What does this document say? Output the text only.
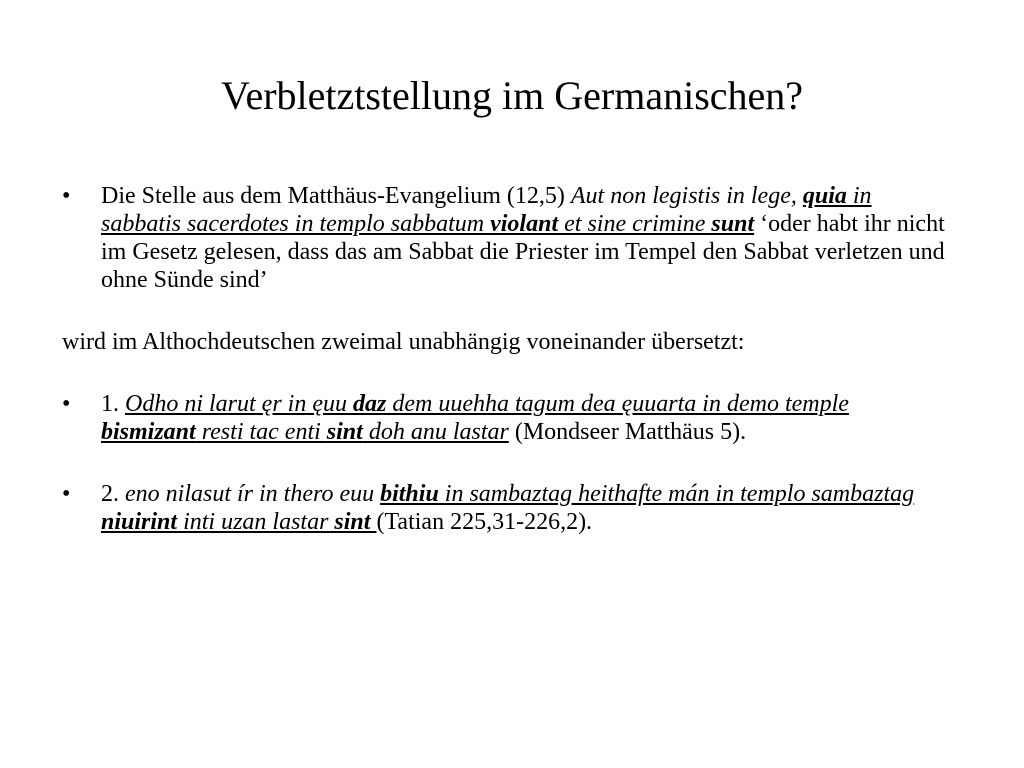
Verbletztstellung im Germanischen?
• Die Stelle aus dem Matthäus-Evangelium (12,5) Aut non legistis in lege, quia in
sabbatis sacerdotes in templo sabbatum violant et sine crimine sunt ‘oder habt ihr nicht im Gesetz gelesen, dass das am Sabbat die Priester im Tempel den Sabbat verletzen und ohne Sünde sind’
wird im Althochdeutschen zweimal unabhängig voneinander übersetzt:
• 1. Odho ni larut ęr in ęuu daz dem uuehha tagum dea ęuuarta in demo temple
bismizant resti tac enti sint doh anu lastar (Mondseer Matthäus 5).
• 2. eno nilasut ír in thero euu bithiu in sambaztag heithafte mán in templo sambaztag
niuirint inti uzan lastar sint (Tatian 225,31-226,2).
